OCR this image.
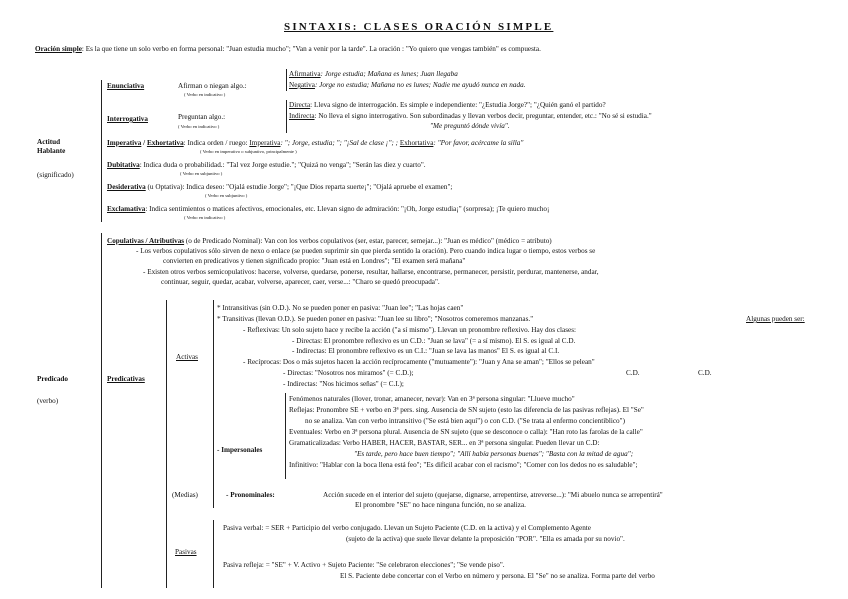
SINTAXIS: CLASES ORACIÓN SIMPLE
Oración simple: Es la que tiene un solo verbo en forma personal: "Juan estudia mucho"; "Van a venir por la tarde". La oración : "Yo quiero que vengas también" es compuesta.
Actitud
Hablante
(significado)
Enunciativa	Afirman o niegan algo.:
( Verbo en indicativo )
Afirmativa: Jorge estudia; Mañana es lunes; Juan llegaba
Negativa: Jorge no estudia; Mañana no es lunes; Nadie me ayudó nunca en nada.
Interrogativa	Preguntan algo.:
( Verbo en indicativo )
Directa: Lleva signo de interrogación. Es simple e independiente: "¿Estudia Jorge?"; "¿Quién ganó el partido?
Indirecta: No lleva el signo interrogativo. Son subordinadas y llevan verbos decir, preguntar, entender, etc.: "No sé si estudia."
"Me preguntó dónde vivía".
Imperativa / Exhortativa: Indica orden / ruego: Imperativa: "; Jorge, estudia; "; "¡Sal de clase ¡"; ; Exhortativa: "Por favor, acércame la silla"
( Verbo en imperativo o subjuntivo, principalmente )
Dubitativa: Indica duda o probabilidad.: "Tal vez Jorge estudie."; "Quizá no venga"; "Serán las diez y cuarto".
( Verbo en subjuntivo )
Desiderativa (u Optativa): Indica deseo: "Ojalá estudie Jorge"; "¡Que Dios reparta suerte¡"; "Ojalá apruebe el examen";
( Verbo en subjuntivo )
Exclamativa: Indica sentimientos o matices afectivos, emocionales, etc. Llevan signo de admiración: "¡Oh, Jorge estudia¡" (sorpresa); ¡Te quiero mucho¡
( Verbo en indicativo )
Predicado
(verbo)
Copulativas / Atributivas (o de Predicado Nominal): Van con los verbos copulativos (ser, estar, parecer, semejar...): "Juan es médico" (médico = atributo)
- Los verbos copulativos sólo sirven de nexo o enlace (se pueden suprimir sin que pierda sentido la oración). Pero cuando indica lugar o tiempo, estos verbos se
convierten en predicativos y tienen significado propio: "Juan está en Londres"; "El examen será mañana"
- Existen otros verbos semicopulativos: hacerse, volverse, quedarse, ponerse, resultar, hallarse, encontrarse, permanecer, persistir, perdurar, mantenerse, andar,
continuar, seguir, quedar, acabar, volverse, aparecer, caer, verse...: "Charo se quedó preocupada".
Predicativas
Activas
* Intransitivas (sin O.D.). No se pueden poner en pasiva: "Juan lee"; "Las hojas caen"
* Transitivas (llevan O.D.). Se pueden poner en pasiva: "Juan lee su libro"; "Nosotros comeremos manzanas."	Algunas pueden ser:
- Reflexivas: Un solo sujeto hace y recibe la acción ("a sí mismo"). Llevan un pronombre reflexivo. Hay dos clases:
- Directas: El pronombre reflexivo es un C.D.: "Juan se lava" (= a sí mismo). El S. es igual al C.D.
- Indirectas: El pronombre reflexivo es un C.I.: "Juan se lava las manos" El S. es igual al C.I.
- Recíprocas: Dos o más sujetos hacen la acción recíprocamente ("mutuamente"): "Juan y Ana se aman"; "Ellos se pelean"
- Directas: "Nosotros nos miramos" (= C.D.);	C.D.	C.D.
- Indirectas: "Nos hicimos señas" (= C.I.);
- Impersonales
Fenómenos naturales (llover, tronar, amanecer, nevar): Van en 3ª persona singular: "Llueve mucho"
Reflejas: Pronombre SE + verbo en 3ª pers. sing. Ausencia de SN sujeto (esto las diferencia de las pasivas reflejas). El "Se"
no se analiza. Van con verbo intransitivo ("Se está bien aquí") o con C.D. ("Se trata al enfermo concientiblico")
Eventuales: Verbo en 3ª persona plural. Ausencia de SN sujeto (que se desconoce o calla): "Han roto las farolas de la calle"
Gramaticalizadas: Verbo HABER, HACER, BASTAR, SER... en 3ª persona singular. Pueden llevar un C.D:
"Es tarde, pero hace buen tiempo"; "Allí había personas buenas"; "Basta con la mitad de agua";
Infinitivo: "Hablar con la boca llena está feo"; "Es difícil acabar con el racismo"; "Comer con los dedos no es saludable";
(Medias)	- Pronominales:	Acción sucede en el interior del sujeto (quejarse, dignarse, arrepentirse, atreverse...): "Mi abuelo nunca se arrepentirá"
El pronombre "SE" no hace ninguna función, no se analiza.
Pasivas
Pasiva verbal: = SER + Participio del verbo conjugado. Llevan un Sujeto Paciente (C.D. en la activa) y el Complemento Agente
(sujeto de la activa) que suele llevar delante la preposición "POR". "Ella es amada por su novio".
Pasiva refleja: = "SE" + V. Activo + Sujeto Paciente: "Se celebraron elecciones"; "Se vende piso".
El S. Paciente debe concertar con el Verbo en número y persona. El "Se" no se analiza. Forma parte del verbo
